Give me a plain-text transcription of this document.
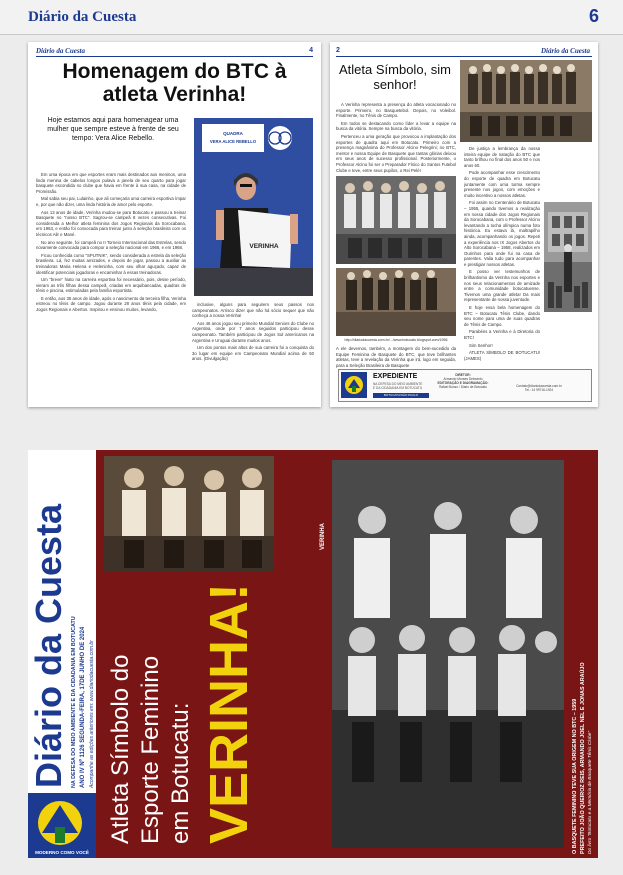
Diário da Cuesta	6
Diário da Cuesta	4
Homenagem do BTC à atleta Verinha!
Hoje estamos aqui para homenagear uma mulher que sempre esteve à frente de seu tempo: Vera Alice Rebello.
QUADRA
VERA ALICE REBELLO
VERINHA

Em uma época em que esportes eram mais destinados aos meninos, uma linda menina de cabelos longos pulava a janela de seu quarto para jogar basquete escondida no clube que havia em frente à sua casa, na cidade de Promissão.

Mal sabia seu pai, Lulainho, que ali começaria uma carreira esportiva ímpar e, por que não dizer, uma linda história de amor pelo esporte.

Aos 13 anos de idade, Verinha mudou-se para Botucatu e passou a treinar Basquete no "nosso BTC". Sagrou-se campeã 8 vezes consecutivas. Foi considerada a Melhor atleta feminina dos Jogos Regionais da Sorocabana, em 1963, e então foi convocada para treinar junto à seleção brasileira com os técnicos Alir e Mané.

No ano seguinte, foi campeã no II Torneio Internacional das Estrelas, sendo novamente convocada para compor a seleção nacional em 1966, e em 1968.

Ficou conhecida como "SPUTNIK", sendo considerada a estrela da seleção brasileira. Lá, fez muitas amizades, e depois de jogar, passou a auxiliar as treinadoras Maria Helena e Heleninha, com seu olhar aguçado, capaz de identificar potenciais jogadoras e encaminhar à essas treinadoras.

Um "breve" hiato na carreira esportiva foi necessário, pois, desse período, vieram as três filhas dessa campeã, criadas em arquibancadas, quadras de tênis e piscina, estimuladas pela família esportista.

E então, aos 35 anos de idade, após o nascimento da terceira filha, Verinha estreou no tênis de campo. Jogou durante 28 anos tênis pela cidade, em Jogos Regionais e Abertos. Inspirou e ensinou muitos, levando,

inclusive, alguns para seguirem seus passos nos campeonatos. Arrisco dizer que não há sócio sequer que não conheça a nossa Verinha!

Aos 46 anos jogou seu primeiro Mundial Seniors do Clube no Argentina, onde por 7 anos seguidos participou desse campeonato. Também participou de Jogos Sul americanos na Argentina e Uruguai durante muitos anos.

Um dos pontos mais altos de sua carreira foi a conquista do 3o lugar em equipe em Campeonato Mundial acima de 50 anos. (Divulgação)

2	Diário da Cuesta
Atleta Símbolo, sim senhor!

A Verinha representa a presença do atleta vocacionado no esporte. Primeiro, no Basquetebol. Depois, no Voleibol. Finalmente, no Tênis de Campo.

Em todos se destacando como líder a levar a equipe na busca da vitória. Sempre na busca da vitória.

Pertenceu a uma geração que provocou a implantação dos esportes de quadra aqui em Botucatu. Primeiro com a presença magnânima do Professor Alcino Pelegrini; no BTC, mentor e nossa Equipe de Basquete que tantas glórias deixou em seus anos de sucesso profissional. Posteriormente, o Professor Alcino foi ser o Preparador Físico do Santos Futebol Clube e teve, entre seus pupilos, o Rei Pelé!

http://diariodacuesta.com.br/.../www.botucatu.blogspot.com/1956
A ele devemos, também, a montagem do bem-sucedido da Equipe Feminina de Basquete do BTC, que teve brilhantes atletas, teve a revelação da Verinha que irá, logo em seguida, para a Seleção Brasileira de Basquete

De justiça a lembrança da nossa inteira equipe de natação do BTC que tanto brilhou no final dos anos 50 e nos anos 60.

Pode acompanhar esse crescimento do esporte de quadra em Botucatu juntamente com uma turma sempre presente nos jogos, com emoções e muito incentivo a nossos atletas.

Foi assim no Centenário de Botucatu – 1955, quando tivemos a realização em nossa cidade dos Jogos Regionais da Sorocabana, com o Professor Alcino levantando a tocha olímpica numa foto histórica. Eu estava lá, maltrapilho ainda, acompanhando os jogos. Repeti a experiência nos IX Jogos Abertos do Alto Sorocabana – 1958, realizados em Ourinhos para onde fui na casa de parentes. Valia tudo para acompanhar e prestigiar nossos atletas.

E posso ver testemunhos de brilhantismo da Verinha nos esportes e nos seus relacionamentos de amizade entre a comunidade botucatuense. Tivemos uma grande atleta! Da mais representante de nossa juventude.

E hoje essa bela homenagem do BTC – Botucatu Tênis Clube, dando seu nome para uma de suas quadras de Tênis de Campo.

Parabéns a Verinha e à Diretoria do BTC!

Sim Senhor!

ATLETA SÍMBOLO DE BOTUCATU! (JAMES)

EXPEDIENTE
NA DEFESA DO MEIO AMBIENTE E DA CIDADANIA EM BOTUCATU
BOTUCATU/SÃO PAULO
DIRETOR:
Armando Moraes Delmanto
EDITORAÇÃO E DIAGRAMAÇÃO:
Rafael Bosso / Diario de Botucatu	Contato@diariodacuesta.com.br
Tel.: 14 99716-1924
MODERNO COMO VOCÊ
Diário da Cuesta NA DEFESA DO MEIO AMBIENTE E DA CIDADANIA EM BOTUCATU ANO IV Nº 1126 SEGUNDA-FEIRA, 17DE JUNHO DE 2024 Acompanhe as edições anteriores em: www.diariodacuesta.com.br Atleta Símbolo do Esporte Feminino em Botucatu: VERINHA!
VERINHA
O BASQUETE FEMININO TEVE SUA ORIGEM NO BTC – 1959 PREFEITO JOÃO QUEIROZ REIS, ARMANDO JOEL NEL E JONAS ARAÚJO Do livro "Botucatu e a Memória de Basquete Tênis Clube"
